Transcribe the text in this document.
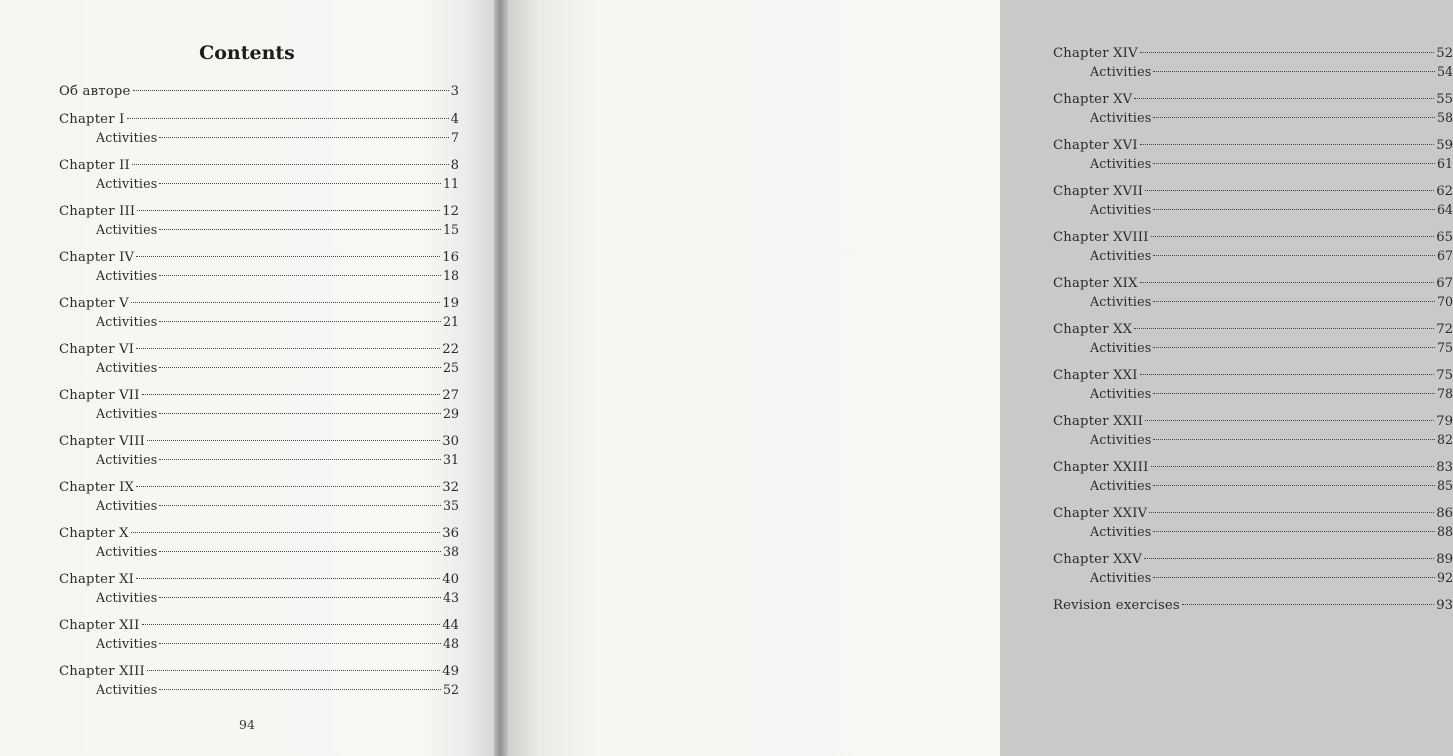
Contents
Об авторе	3
Chapter I	4
Activities	7
Chapter II	8
Activities	11
Chapter III	12
Activities	15
Chapter IV	16
Activities	18
Chapter V	19
Activities	21
Chapter VI	22
Activities	25
Chapter VII	27
Activities	29
Chapter VIII	30
Activities	31
Chapter IX	32
Activities	35
Chapter X	36
Activities	38
Chapter XI	40
Activities	43
Chapter XII	44
Activities	48
Chapter XIII	49
Activities	52
94
Chapter XIV	52
Activities	54
Chapter XV	55
Activities	58
Chapter XVI	59
Activities	61
Chapter XVII	62
Activities	64
Chapter XVIII	65
Activities	67
Chapter XIX	67
Activities	70
Chapter XX	72
Activities	75
Chapter XXI	75
Activities	78
Chapter XXII	79
Activities	82
Chapter XXIII	83
Activities	85
Chapter XXIV	86
Activities	88
Chapter XXV	89
Activities	92
Revision exercises	93
